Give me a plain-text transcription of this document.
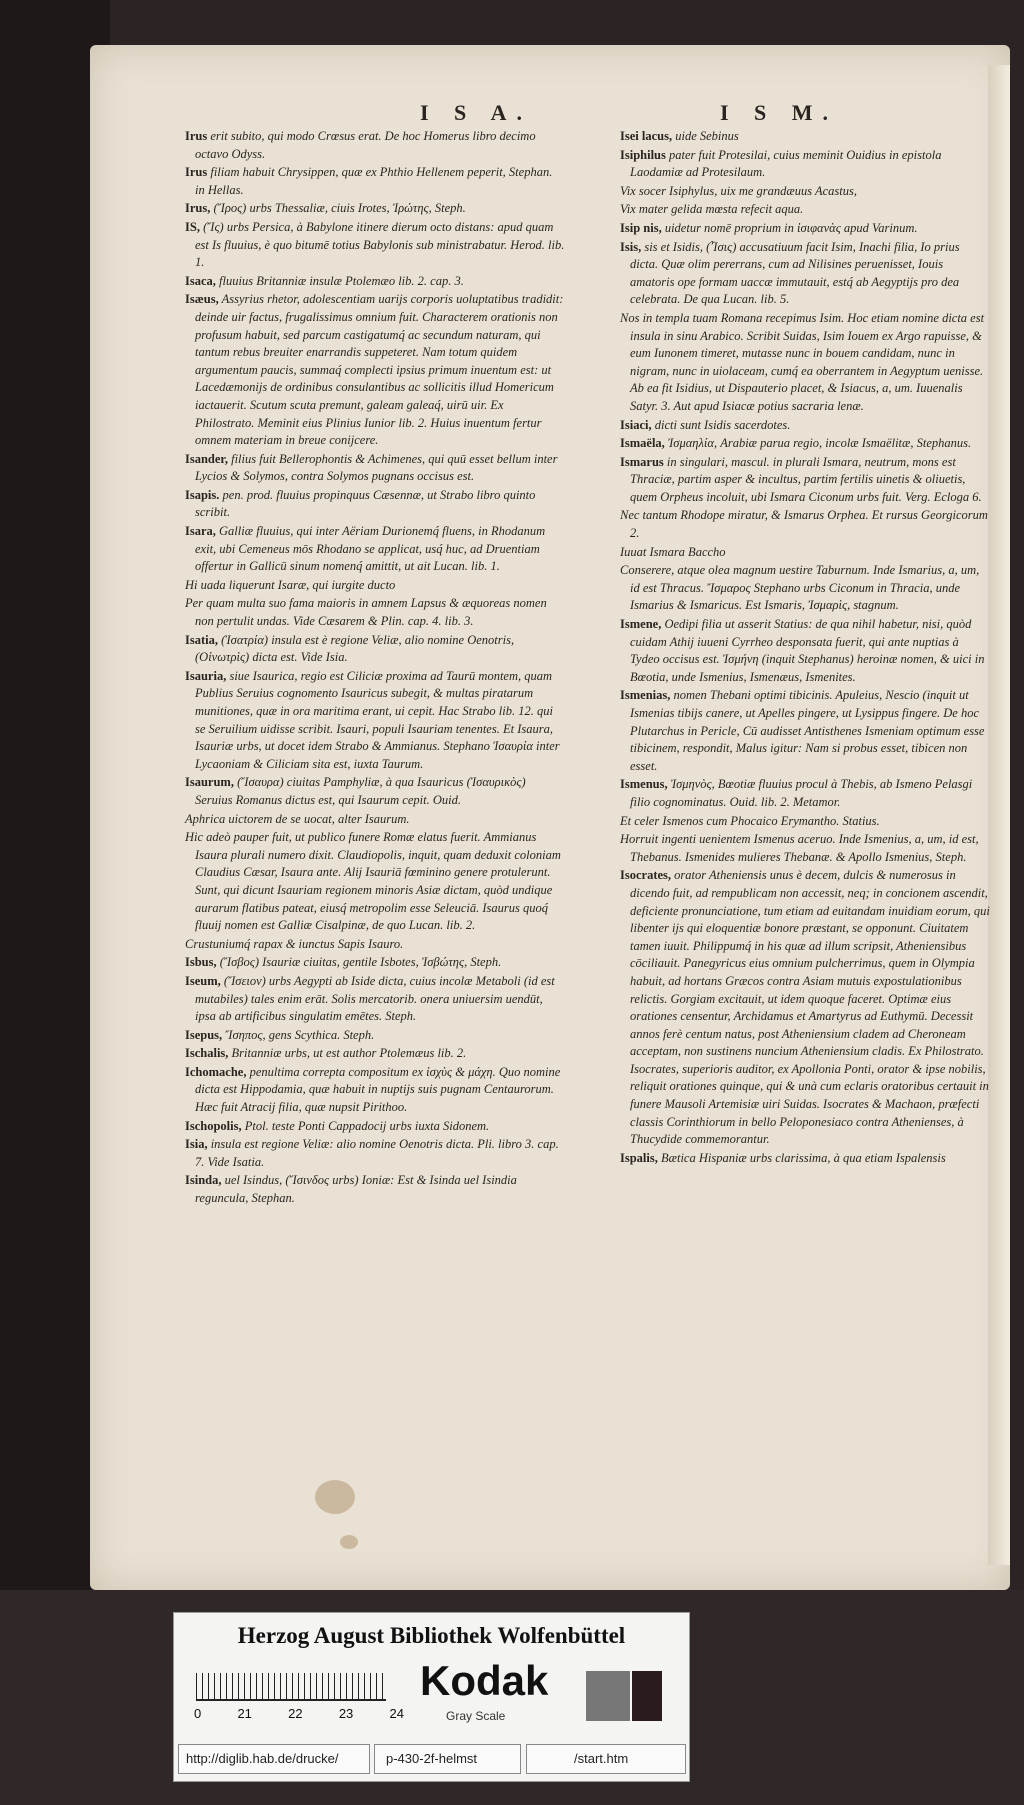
I S A.	I S M.
Irus erit subito, qui modo Crœsus erat. De hoc Homerus libro decimo octavo Odyss.
Irus filiam habuit Chrysippen, quæ ex Phthio Hellenem peperit, Stephan. in Hellas.
Irus, (Ἴρος) urbs Thessaliæ, ciuis Irotes, Ἰρώτης, Steph.
IS, (Ἴς) urbs Persica, à Babylone itinere dierum octo distans: apud quam est Is fluuius, è quo bitumē totius Babylonis sub ministrabatur. Herod. lib. 1.
Isaca, fluuius Britanniæ insulæ Ptolemæo lib. 2. cap. 3.
Isæus, Assyrius rhetor, adolescentiam uarijs corporis uoluptatibus tradidit: deinde uir factus, frugalissimus omnium fuit. Characterem orationis non profusum habuit, sed parcum castigatumq́ ac secundum naturam, qui tantum rebus breuiter enarrandis suppeteret. Nam totum quidem argumentum paucis, summaq́ complecti ipsius primum inuentum est: ut Lacedæmonijs de ordinibus consulantibus ac sollicitis illud Homericum iactauerit. Scutum scuta premunt, galeam galeaq́, uirū uir. Ex Philostrato. Meminit eius Plinius Iunior lib. 2. Huius inuentum fertur omnem materiam in breue conijcere.
Isander, filius fuit Bellerophontis & Achimenes, qui quū esset bellum inter Lycios & Solymos, contra Solymos pugnans occisus est.
Isapis. pen. prod. fluuius propinquus Cæsennæ, ut Strabo libro quinto scribit.
Isara, Galliæ fluuius, qui inter Aëriam Durionemq́ fluens, in Rhodanum exit, ubi Cemeneus mōs Rhodano se applicat, usq́ huc, ad Druentiam offertur in Gallicū sinum nomenq́ amittit, ut ait Lucan. lib. 1.
Hi uada liquerunt Isaræ, qui iurgite ducto
Per quam multa suo fama maioris in amnem Lapsus & æquoreas nomen non pertulit undas. Vide Cæsarem & Plin. cap. 4. lib. 3.
Isatia, (Ἰσατρία) insula est è regione Veliæ, alio nomine Oenotris, (Οἰνωτρὶς) dicta est. Vide Isia.
Isauria, siue Isaurica, regio est Ciliciæ proxima ad Taurū montem, quam Publius Seruius cognomento Isauricus subegit, & multas piratarum munitiones, quæ in ora maritima erant, ui cepit. Hac Strabo lib. 12. qui se Seruilium uidisse scribit. Isauri, populi Isauriam tenentes. Et Isaura, Isauriæ urbs, ut docet idem Strabo & Ammianus. Stephano Ἰσαυρία inter Lycaoniam & Ciliciam sita est, iuxta Taurum.
Isaurum, (Ἴσαυρα) ciuitas Pamphyliæ, à qua Isauricus (Ἰσαυρικὸς) Seruius Romanus dictus est, qui Isaurum cepit. Ouid.
Aphrica uictorem de se uocat, alter Isaurum.
Hic adeò pauper fuit, ut publico funere Romæ elatus fuerit. Ammianus Isaura plurali numero dixit. Claudiopolis, inquit, quam deduxit coloniam Claudius Cæsar, Isaura ante. Alij Isauriā fœminino genere protulerunt. Sunt, qui dicunt Isauriam regionem minoris Asiæ dictam, quòd undique aurarum flatibus pateat, eiusq́ metropolim esse Seleuciā. Isaurus quoq́ fluuij nomen est Galliæ Cisalpinæ, de quo Lucan. lib. 2.
Crustuniumq́ rapax & iunctus Sapis Isauro.
Isbus, (Ἴσβος) Isauriæ ciuitas, gentile Isbotes, Ἰσβώτης, Steph.
Iseum, (Ἴσειον) urbs Aegypti ab Iside dicta, cuius incolæ Metaboli (id est mutabiles) tales enim erāt. Solis mercatorib. onera uniuersim uendūt, ipsa ab artificibus singulatim emētes. Steph.
Isepus, Ἴσηπος, gens Scythica. Steph.
Ischalis, Britanniæ urbs, ut est author Ptolemæus lib. 2.
Ichomache, penultima correpta compositum ex ἰσχὺς & μάχη. Quo nomine dicta est Hippodamia, quæ habuit in nuptijs suis pugnam Centaurorum. Hæc fuit Atracij filia, quæ nupsit Pirithoo.
Ischopolis, Ptol. teste Ponti Cappadocij urbs iuxta Sidonem.
Isia, insula est regione Veliæ: alio nomine Oenotris dicta. Pli. libro 3. cap. 7. Vide Isatia.
Isinda, uel Isindus, (Ἴσινδος urbs) Ioniæ: Est & Isinda uel Isindia reguncula, Stephan.
Isei lacus, uide Sebinus
Isiphilus pater fuit Protesilai, cuius meminit Ouidius in epistola Laodamiæ ad Protesilaum.
Vix socer Isiphylus, uix me grandæuus Acastus,
Vix mater gelida mœsta refecit aqua.
Isip nis, uidetur nomē proprium in ἰσιφανὰς apud Varinum.
Isis, sis et Isidis, (Ἶσις) accusatiuum facit Isim, Inachi filia, Io prius dicta. Quæ olim pererrans, cum ad Nilisines peruenisset, Iouis amatoris ope formam uaccæ immutauit, estq́ ab Aegyptijs pro dea celebrata. De qua Lucan. lib. 5.
Nos in templa tuam Romana recepimus Isim. Hoc etiam nomine dicta est insula in sinu Arabico. Scribit Suidas, Isim Iouem ex Argo rapuisse, & eum Iunonem timeret, mutasse nunc in bouem candidam, nunc in nigram, nunc in uiolaceam, cumq́ ea oberrantem in Aegyptum uenisse. Ab ea fit Isidius, ut Dispauterio placet, & Isiacus, a, um. Iuuenalis Satyr. 3. Aut apud Isiacæ potius sacraria lenæ.
Isiaci, dicti sunt Isidis sacerdotes.
Ismaëla, Ἰσμαηλία, Arabiæ parua regio, incolæ Ismaëlitæ, Stephanus.
Ismarus in singulari, mascul. in plurali Ismara, neutrum, mons est Thraciæ, partim asper & incultus, partim fertilis uinetis & oliuetis, quem Orpheus incoluit, ubi Ismara Ciconum urbs fuit. Verg. Ecloga 6.
Nec tantum Rhodope miratur, & Ismarus Orphea. Et rursus Georgicorum 2.
Iuuat Ismara Baccho
Conserere, atque olea magnum uestire Taburnum. Inde Ismarius, a, um, id est Thracus. Ἴσμαρος Stephano urbs Ciconum in Thracia, unde Ismarius & Ismaricus. Est Ismaris, Ἰσμαρὶς, stagnum.
Ismene, Oedipi filia ut asserit Statius: de qua nihil habetur, nisi, quòd cuidam Athij iuueni Cyrrheo desponsata fuerit, qui ante nuptias à Tydeo occisus est. Ἰσμήνη (inquit Stephanus) heroinæ nomen, & uici in Bœotia, unde Ismenius, Ismenæus, Ismenites.
Ismenias, nomen Thebani optimi tibicinis. Apuleius, Nescio (inquit ut Ismenias tibijs canere, ut Apelles pingere, ut Lysippus fingere. De hoc Plutarchus in Pericle, Cū audisset Antisthenes Ismeniam optimum esse tibicinem, respondit, Malus igitur: Nam si probus esset, tibicen non esset.
Ismenus, Ἰσμηνὸς, Bœotiæ fluuius procul à Thebis, ab Ismeno Pelasgi filio cognominatus. Ouid. lib. 2. Metamor.
Et celer Ismenos cum Phocaico Erymantho. Statius.
Horruit ingenti uenientem Ismenus aceruo. Inde Ismenius, a, um, id est, Thebanus. Ismenides mulieres Thebanæ. & Apollo Ismenius, Steph.
Isocrates, orator Atheniensis unus è decem, dulcis & numerosus in dicendo fuit, ad rempublicam non accessit, neq; in concionem ascendit, deficiente pronunciatione, tum etiam ad euitandam inuidiam eorum, qui libenter ijs qui eloquentiæ bonore præstant, se opponunt. Ciuitatem tamen iuuit. Philippumq́ in his quæ ad illum scripsit, Atheniensibus cōciliauit. Panegyricus eius omnium pulcherrimus, quem in Olympia habuit, ad hortans Græcos contra Asiam mutuis expostulationibus relictis. Gorgiam excitauit, ut idem quoque faceret. Optimæ eius orationes censentur, Archidamus et Amartyrus ad Euthymū. Decessit annos ferè centum natus, post Atheniensium cladem ad Cheroneam acceptam, non sustinens nuncium Atheniensium cladis. Ex Philostrato. Isocrates, superioris auditor, ex Apollonia Ponti, orator & ipse nobilis, reliquit orationes quinque, qui & unà cum eclaris oratoribus certauit in funere Mausoli Artemisiæ uiri Suidas. Isocrates & Machaon, præfecti classis Corinthiorum in bello Peloponesiaco contra Athenienses, à Thucydide commemorantur.
Ispalis, Bætica Hispaniæ urbs clarissima, à qua etiam Ispalensis
Herzog August Bibliothek Wolfenbüttel
0	21	22	23	24
Kodak
Gray Scale
http://diglib.hab.de/drucke/	p-430-2f-helmst	/start.htm
